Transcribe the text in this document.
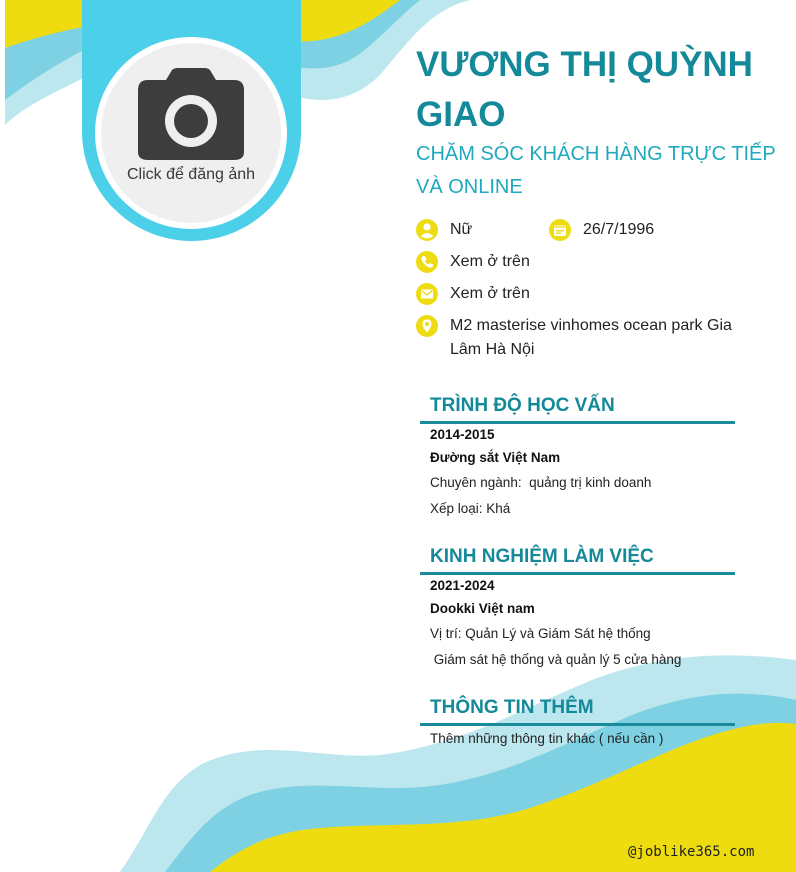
Click để đăng ảnh
VƯƠNG THỊ QUỲNH GIAO

CHĂM SÓC KHÁCH HÀNG TRỰC TIẾP VÀ ONLINE

Nữ	26/7/1996
Xem ở trên
Xem ở trên
M2 masterise vinhomes ocean park Gia Lâm Hà Nội
TRÌNH ĐỘ HỌC VẤN
2014-2015
Đường sắt Việt Nam
Chuyên ngành:  quảng trị kinh doanh
Xếp loại: Khá
KINH NGHIỆM LÀM VIỆC
2021-2024
Dookki Việt nam
Vị trí: Quản Lý và Giám Sát hệ thống
Giám sát hệ thống và quản lý 5 cửa hàng
THÔNG TIN THÊM
Thêm những thông tin khác ( nếu cần )
@joblike365.com
